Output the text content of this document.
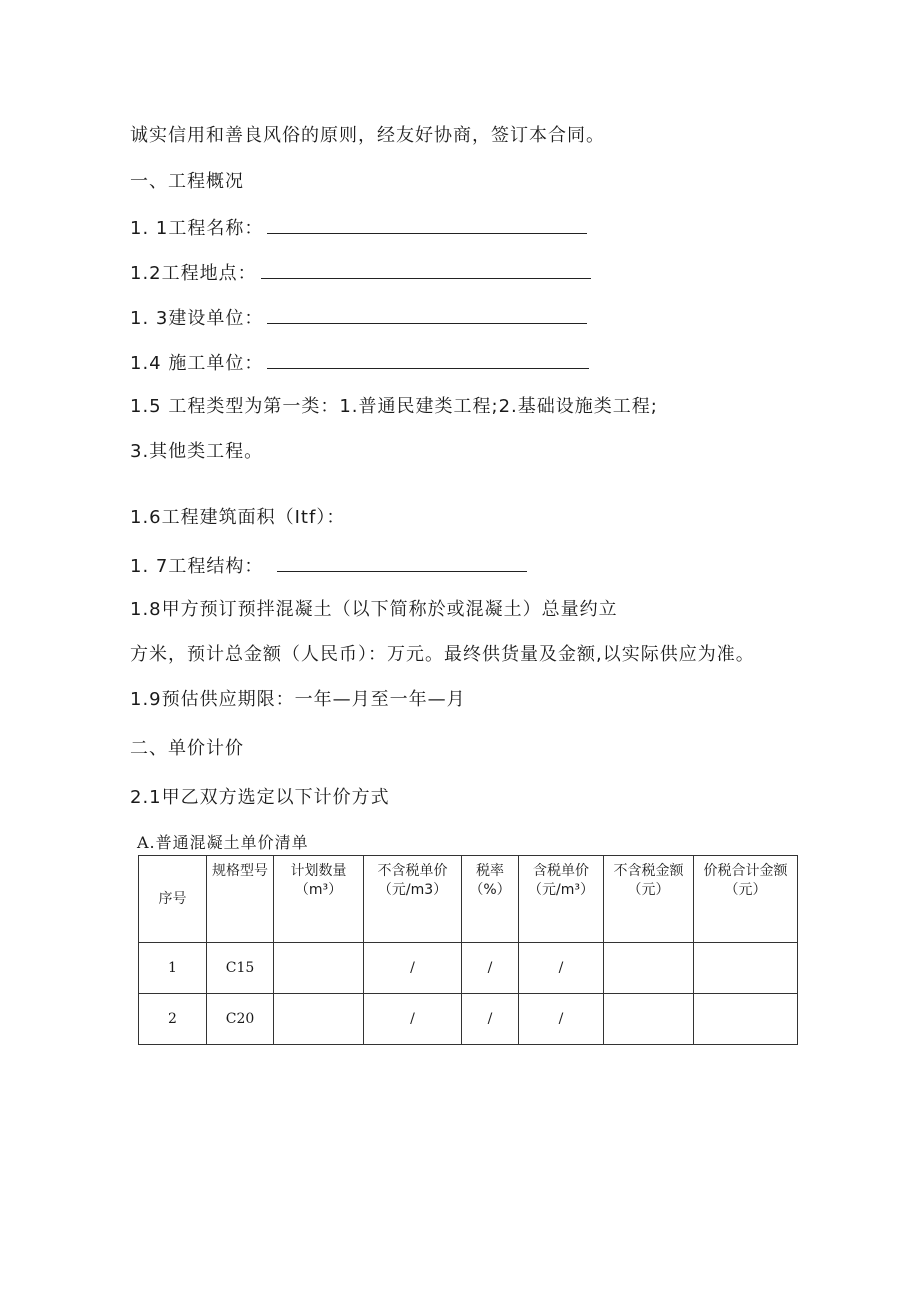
诚实信用和善良风俗的原则，经友好协商，签订本合同。
一、工程概况
1. 1工程名称：
1.2工程地点：
1. 3建设单位：
1.4 施工单位：
1.5 工程类型为第一类：1.普通民建类工程;2.基础设施类工程;
3.其他类工程。
1.6工程建筑面积（Itf）：
1. 7工程结构：
1.8甲方预订预拌混凝土（以下简称於或混凝土）总量约立
方米，预计总金额（人民币）：万元。最终供货量及金额,以实际供应为准。
1.9预估供应期限：一年—月至一年—月
二、单价计价
2.1甲乙双方选定以下计价方式
A.普通混凝土单价清单
序号	规格型号	计划数量（m³）	不含税单价（元/m3）	税率（%）	含税单价（元/m³）	不含税金额（元）	价税合计金额（元）
1	C15		/	/	/		
2	C20		/	/	/		
